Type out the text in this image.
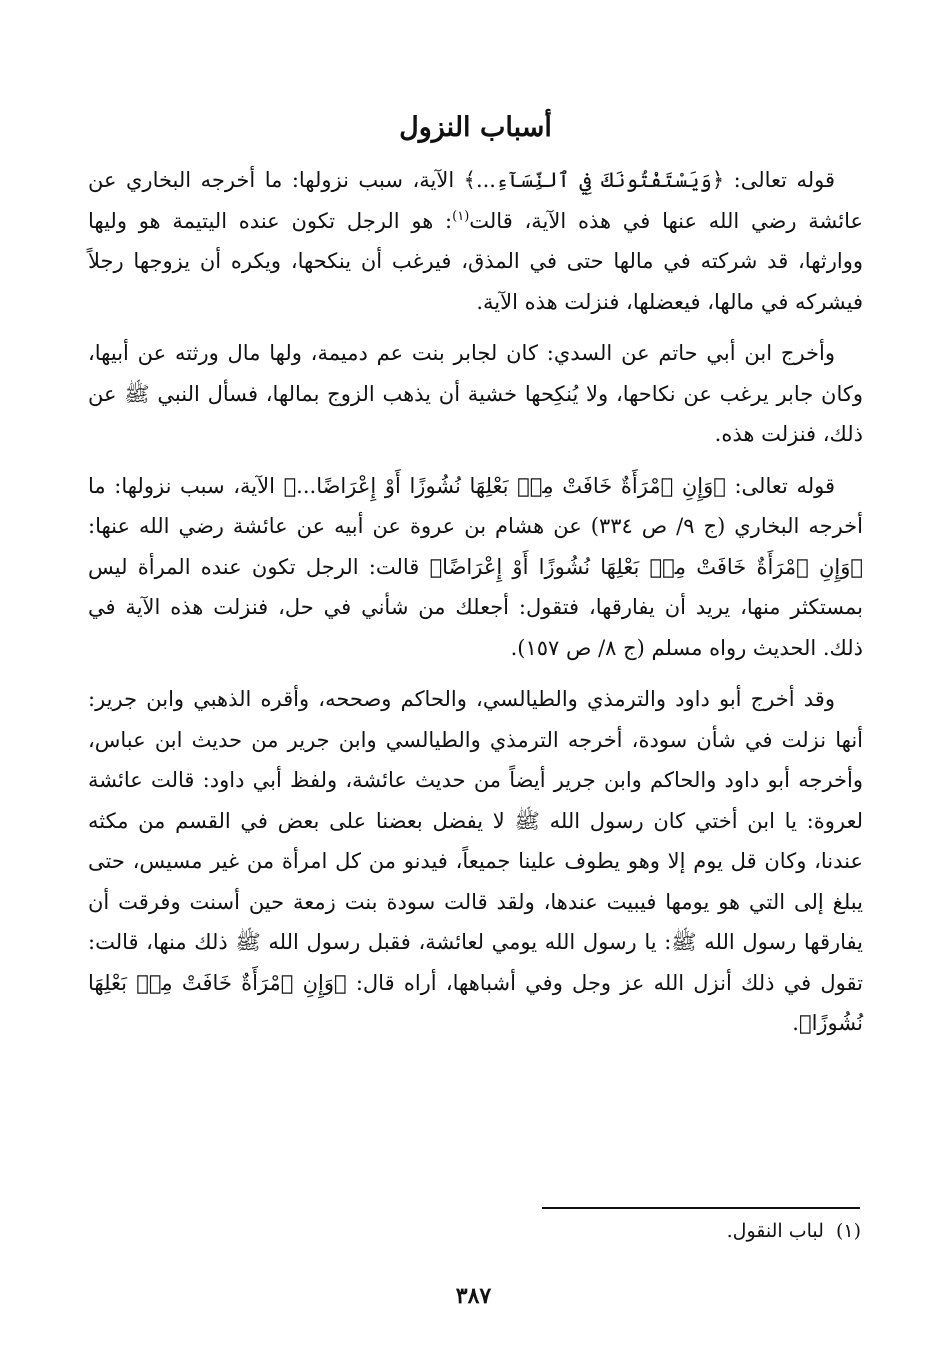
أسباب النزول

قوله تعالى: ﴿وَيَسْتَفْتُونَكَ فِي ٱلنِّسَآءِ...﴾ الآية، سبب نزولها: ما أخرجه البخاري عن عائشة رضي الله عنها في هذه الآية، قالت$^{(١)}$: هو الرجل تكون عنده اليتيمة هو وليها ووارثها، قد شركته في مالها حتى في المذق، فيرغب أن ينكحها، ويكره أن يزوجها رجلاً فيشركه في مالها، فيعضلها، فنزلت هذه الآية.

وأخرج ابن أبي حاتم عن السدي: كان لجابر بنت عم دميمة، ولها مال ورثته عن أبيها، وكان جابر يرغب عن نكاحها، ولا يُنكِحها خشية أن يذهب الزوج بمالها، فسأل النبي ﷺ عن ذلك، فنزلت هذه.

قوله تعالى: ﴿وَإِنِ ٱمْرَأَةٌ خَافَتْ مِنۢ بَعْلِهَا نُشُوزًا أَوْ إِعْرَاضًا...﴾ الآية، سبب نزولها: ما أخرجه البخاري (ج ٩/ ص ٣٣٤) عن هشام بن عروة عن أبيه عن عائشة رضي الله عنها: ﴿وَإِنِ ٱمْرَأَةٌ خَافَتْ مِنۢ بَعْلِهَا نُشُوزًا أَوْ إِعْرَاضًا﴾ قالت: الرجل تكون عنده المرأة ليس بمستكثر منها، يريد أن يفارقها، فتقول: أجعلك من شأني في حل، فنزلت هذه الآية في ذلك. الحديث رواه مسلم (ج ٨/ ص ١٥٧).

وقد أخرج أبو داود والترمذي والطيالسي، والحاكم وصححه، وأقره الذهبي وابن جرير: أنها نزلت في شأن سودة، أخرجه الترمذي والطيالسي وابن جرير من حديث ابن عباس، وأخرجه أبو داود والحاكم وابن جرير أيضاً من حديث عائشة، ولفظ أبي داود: قالت عائشة لعروة: يا ابن أختي كان رسول الله ﷺ لا يفضل بعضنا على بعض في القسم من مكثه عندنا، وكان قل يوم إلا وهو يطوف علينا جميعاً، فيدنو من كل امرأة من غير مسيس، حتى يبلغ إلى التي هو يومها فيبيت عندها، ولقد قالت سودة بنت زمعة حين أسنت وفرقت أن يفارقها رسول الله ﷺ: يا رسول الله يومي لعائشة، فقبل رسول الله ﷺ ذلك منها، قالت: تقول في ذلك أنزل الله عز وجل وفي أشباهها، أراه قال: ﴿وَإِنِ ٱمْرَأَةٌ خَافَتْ مِنۢ بَعْلِهَا نُشُوزًا﴾.

(١)لباب النقول.
٣٨٧
